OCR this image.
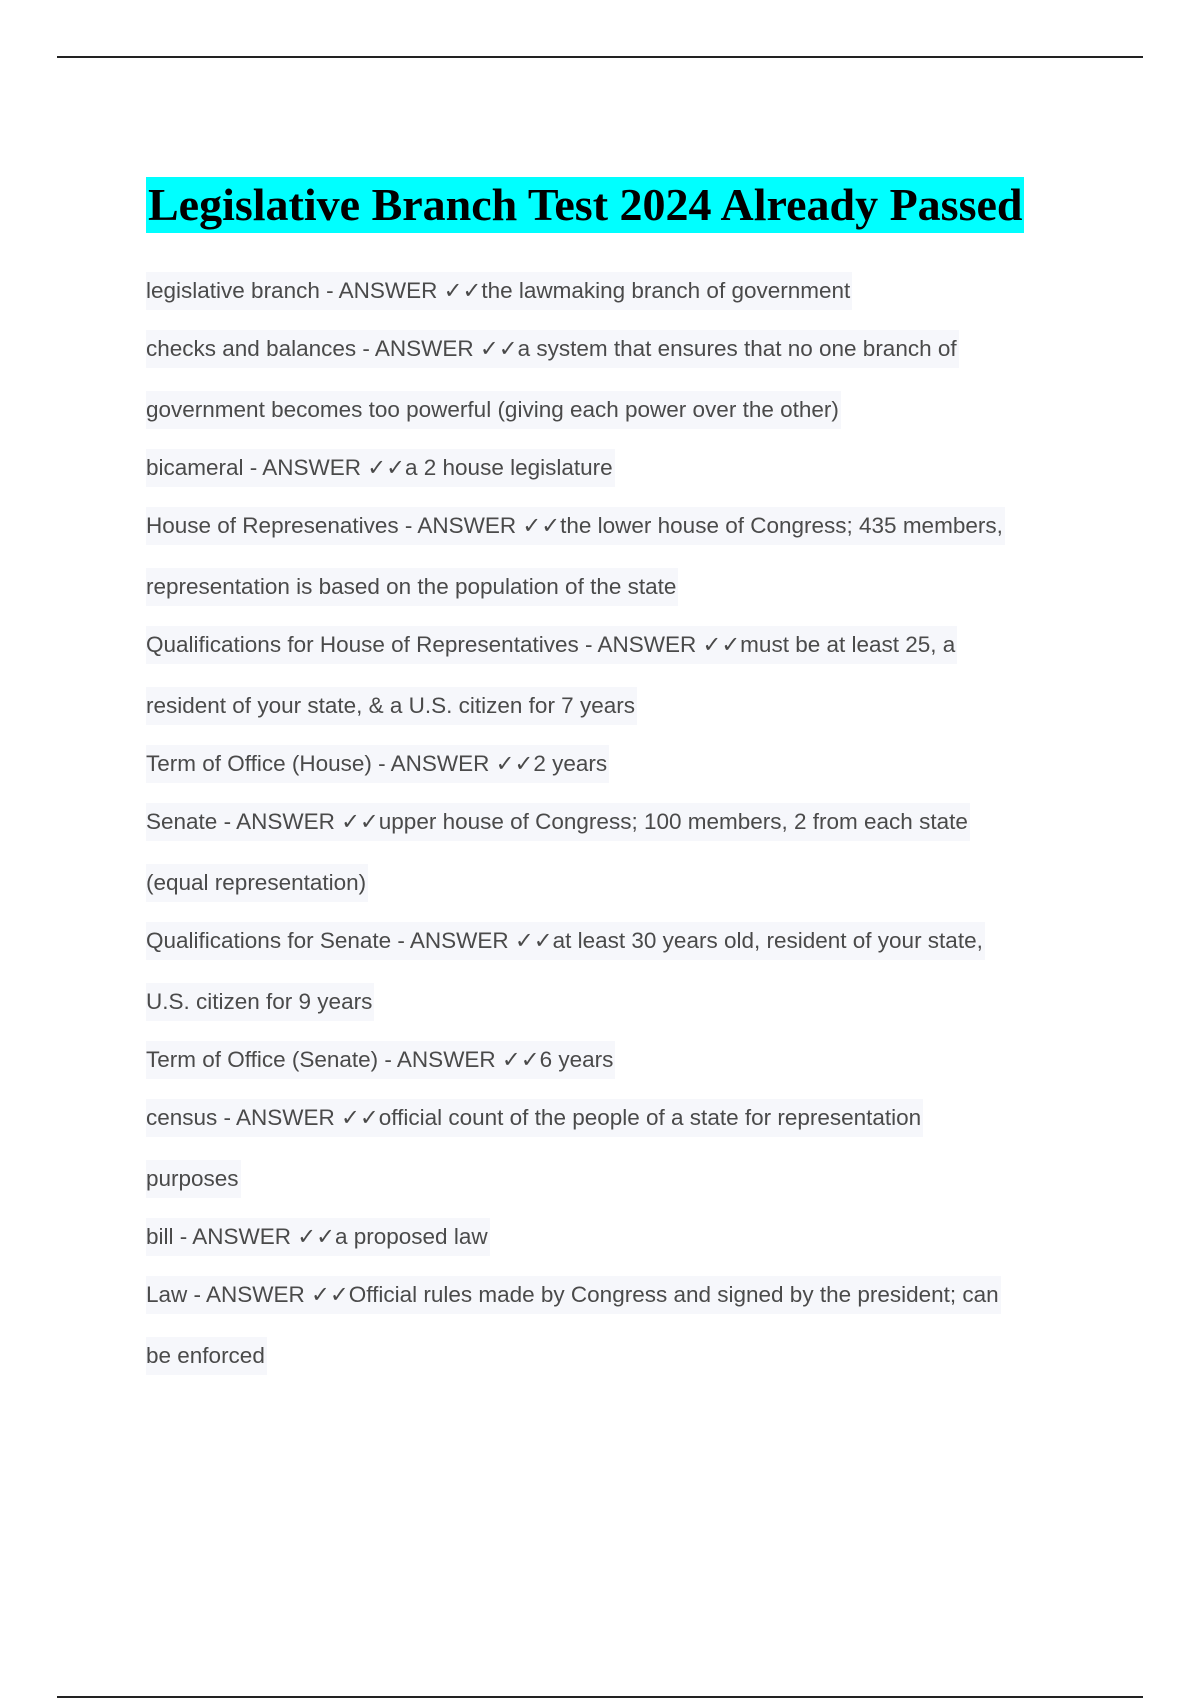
Legislative Branch Test 2024 Already Passed
legislative branch - ANSWER ✓✓the lawmaking branch of government
checks and balances - ANSWER ✓✓a system that ensures that no one branch of
government becomes too powerful (giving each power over the other)
bicameral - ANSWER ✓✓a 2 house legislature
House of Represenatives - ANSWER ✓✓the lower house of Congress; 435 members,
representation is based on the population of the state
Qualifications for House of Representatives - ANSWER ✓✓must be at least 25, a
resident of your state, & a U.S. citizen for 7 years
Term of Office (House) - ANSWER ✓✓2 years
Senate - ANSWER ✓✓upper house of Congress; 100 members, 2 from each state
(equal representation)
Qualifications for Senate - ANSWER ✓✓at least 30 years old, resident of your state,
U.S. citizen for 9 years
Term of Office (Senate) - ANSWER ✓✓6 years
census - ANSWER ✓✓official count of the people of a state for representation
purposes
bill - ANSWER ✓✓a proposed law
Law - ANSWER ✓✓Official rules made by Congress and signed by the president; can
be enforced
